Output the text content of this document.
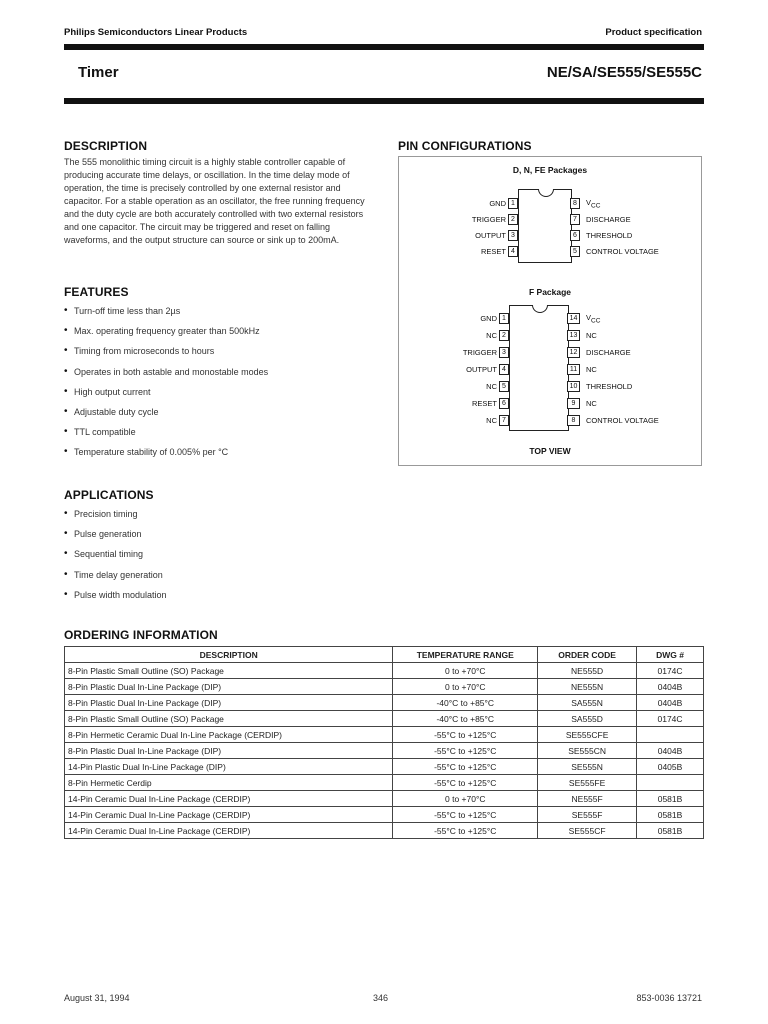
Philips Semiconductors Linear Products	Product specification
Timer	NE/SA/SE555/SE555C
DESCRIPTION
The 555 monolithic timing circuit is a highly stable controller capable of producing accurate time delays, or oscillation. In the time delay mode of operation, the time is precisely controlled by one external resistor and capacitor. For a stable operation as an oscillator, the free running frequency and the duty cycle are both accurately controlled with two external resistors and one capacitor. The circuit may be triggered and reset on falling waveforms, and the output structure can source or sink up to 200mA.
FEATURES
• Turn-off time less than 2µs
• Max. operating frequency greater than 500kHz
• Timing from microseconds to hours
• Operates in both astable and monostable modes
• High output current
• Adjustable duty cycle
• TTL compatible
• Temperature stability of 0.005% per °C
APPLICATIONS
• Precision timing
• Pulse generation
• Sequential timing
• Time delay generation
• Pulse width modulation
PIN CONFIGURATIONS
D, N, FE Packages
GND 1
TRIGGER 2
OUTPUT 3
RESET 4
8	$V_{CC}$
7	DISCHARGE
6	THRESHOLD
5	CONTROL VOLTAGE
F Package
GND 1
NC 2
TRIGGER 3
OUTPUT 4
NC 5
RESET 6
NC 7
14	$V_{CC}$
13	NC
12	DISCHARGE
11	NC
10	THRESHOLD
9	NC
8	CONTROL VOLTAGE
TOP VIEW
ORDERING INFORMATION
DESCRIPTION	TEMPERATURE RANGE	ORDER CODE	DWG #
8-Pin Plastic Small Outline (SO) Package	0 to +70°C	NE555D	0174C
8-Pin Plastic Dual In-Line Package (DIP)	0 to +70°C	NE555N	0404B
8-Pin Plastic Dual In-Line Package (DIP)	-40°C to +85°C	SA555N	0404B
8-Pin Plastic Small Outline (SO) Package	-40°C to +85°C	SA555D	0174C
8-Pin Hermetic Ceramic Dual In-Line Package (CERDIP)	-55°C to +125°C	SE555CFE	
8-Pin Plastic Dual In-Line Package (DIP)	-55°C to +125°C	SE555CN	0404B
14-Pin Plastic Dual In-Line Package (DIP)	-55°C to +125°C	SE555N	0405B
8-Pin Hermetic Cerdip	-55°C to +125°C	SE555FE	
14-Pin Ceramic Dual In-Line Package (CERDIP)	0 to +70°C	NE555F	0581B
14-Pin Ceramic Dual In-Line Package (CERDIP)	-55°C to +125°C	SE555F	0581B
14-Pin Ceramic Dual In-Line Package (CERDIP)	-55°C to +125°C	SE555CF	0581B
August 31, 1994	346	853-0036 13721
